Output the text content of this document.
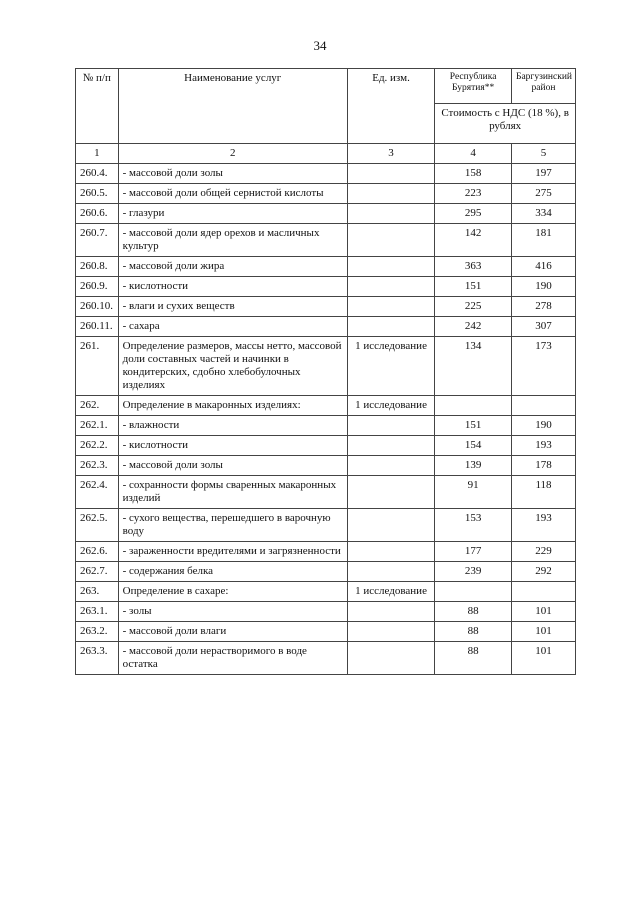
34
№ п/п	Наименование услуг	Ед. изм.	Республика Бурятия**	Баргузинский район
			Стоимость с НДС (18 %), в рублях	
1	2	3	4	5
260.4.	- массовой доли золы		158	197
260.5.	- массовой доли общей сернистой кислоты		223	275
260.6.	- глазури		295	334
260.7.	- массовой доли ядер орехов и масличных культур		142	181
260.8.	- массовой доли жира		363	416
260.9.	- кислотности		151	190
260.10.	- влаги и сухих веществ		225	278
260.11.	- сахара		242	307
261.	Определение размеров, массы нетто, массовой доли составных частей и начинки в кондитерских, сдобно хлебобулочных изделиях	1 исследование	134	173
262.	Определение в макаронных изделиях:	1 исследование		
262.1.	- влажности		151	190
262.2.	- кислотности		154	193
262.3.	- массовой доли золы		139	178
262.4.	- сохранности формы сваренных макаронных изделий		91	118
262.5.	- сухого вещества, перешедшего в варочную воду		153	193
262.6.	- зараженности вредителями и загрязненности		177	229
262.7.	- содержания белка		239	292
263.	Определение в сахаре:	1 исследование		
263.1.	- золы		88	101
263.2.	- массовой доли влаги		88	101
263.3.	- массовой доли нерастворимого в воде остатка		88	101
